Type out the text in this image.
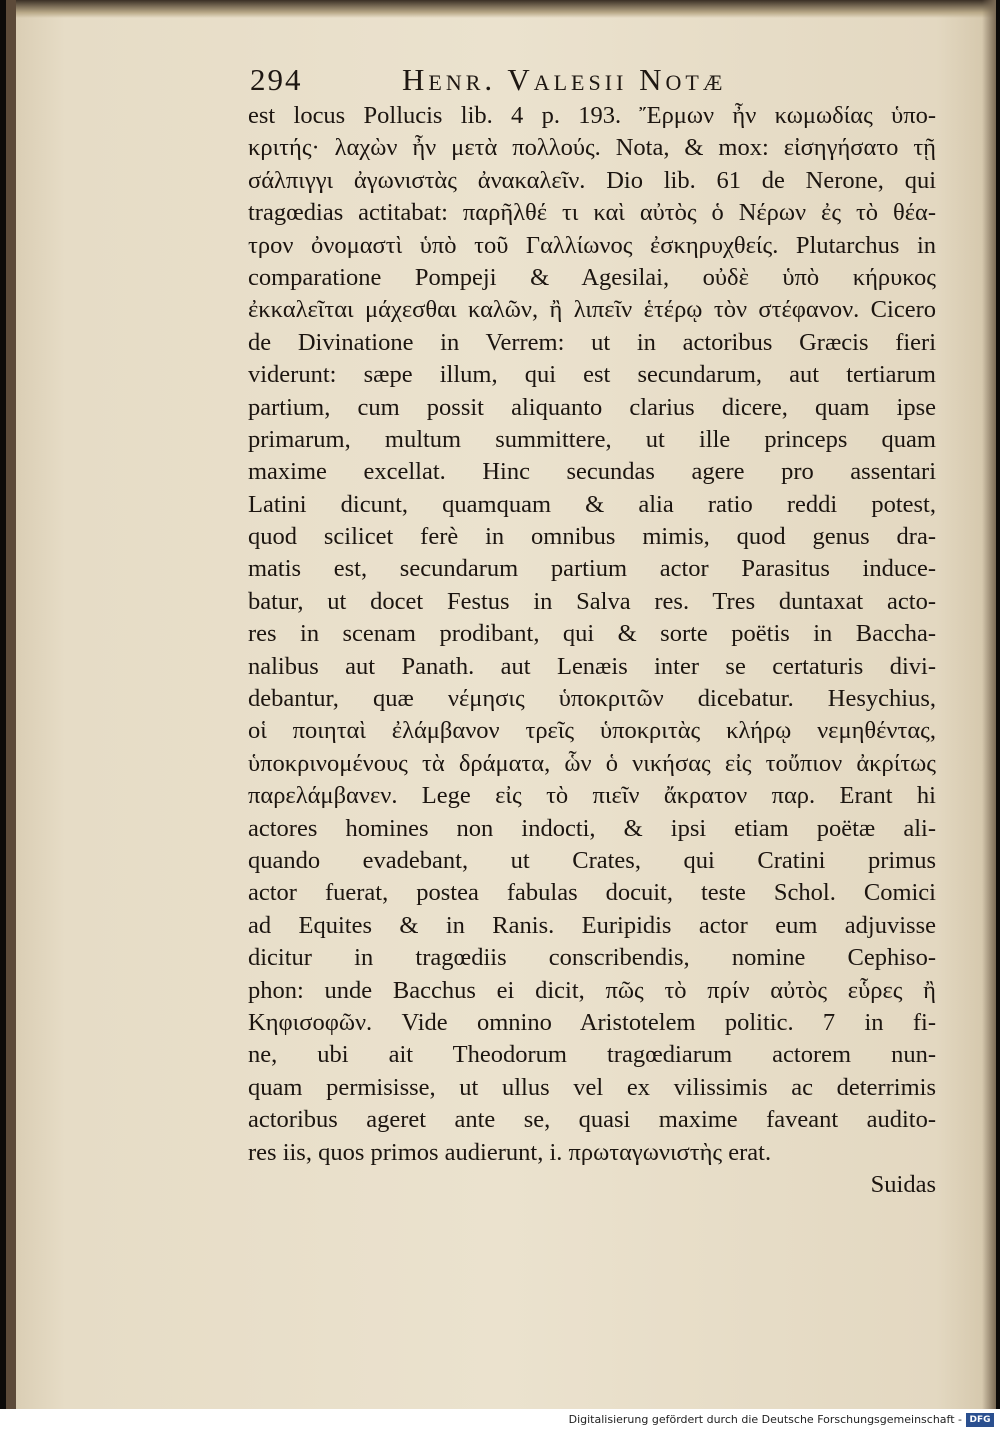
294	Henr. Valesii Notæ
est locus Pollucis lib. 4 p. 193. Ἔρμων ἦν κωμωδίας ὑπο-
κριτής· λαχὼν ἦν μετὰ πολλούς. Nota, & mox: εἰσηγήσατο τῇ
σάλπιγγι ἀγωνιστὰς ἀνακαλεῖν. Dio lib. 61 de Nerone, qui
tragœdias actitabat: παρῆλθέ τι καὶ αὐτὸς ὁ Νέρων ἐς τὸ θέα-
τρον ὀνομαστὶ ὑπὸ τοῦ Γαλλίωνος ἐσκηρυχθείς. Plutarchus in
comparatione Pompeji & Agesilai, οὐδὲ ὑπὸ κήρυκος
ἐκκαλεῖται μάχεσθαι καλῶν, ἢ λιπεῖν ἑτέρῳ τὸν στέφανον. Cicero
de Divinatione in Verrem: ut in actoribus Græcis fieri
viderunt: sæpe illum, qui est secundarum, aut tertiarum
partium, cum possit aliquanto clarius dicere, quam ipse
primarum, multum summittere, ut ille princeps quam
maxime excellat. Hinc secundas agere pro assentari
Latini dicunt, quamquam & alia ratio reddi potest,
quod scilicet ferè in omnibus mimis, quod genus dra-
matis est, secundarum partium actor Parasitus induce-
batur, ut docet Festus in Salva res. Tres duntaxat acto-
res in scenam prodibant, qui & sorte poëtis in Baccha-
nalibus aut Panath. aut Lenæis inter se certaturis divi-
debantur, quæ νέμησις ὑποκριτῶν dicebatur. Hesychius,
οἱ ποιηταὶ ἐλάμβανον τρεῖς ὑποκριτὰς κλήρῳ νεμηθέντας,
ὑποκρινομένους τὰ δράματα, ὧν ὁ νικήσας εἰς τοὔπιον ἀκρίτως
παρελάμβανεν. Lege εἰς τὸ πιεῖν ἄκρατον παρ. Erant hi
actores homines non indocti, & ipsi etiam poëtæ ali-
quando evadebant, ut Crates, qui Cratini primus
actor fuerat, postea fabulas docuit, teste Schol. Comici
ad Equites & in Ranis. Euripidis actor eum adjuvisse
dicitur in tragœdiis conscribendis, nomine Cephiso-
phon: unde Bacchus ei dicit, πῶς τὸ πρίν αὐτὸς εὗρες ἢ
Κηφισοφῶν. Vide omnino Aristotelem politic. 7 in fi-
ne, ubi ait Theodorum tragœdiarum actorem nun-
quam permisisse, ut ullus vel ex vilissimis ac deterrimis
actoribus ageret ante se, quasi maxime faveant audito-
res iis, quos primos audierunt, i. πρωταγωνιστὴς erat.
Suidas
Digitalisierung gefördert durch die Deutsche Forschungsgemeinschaft - DFG
